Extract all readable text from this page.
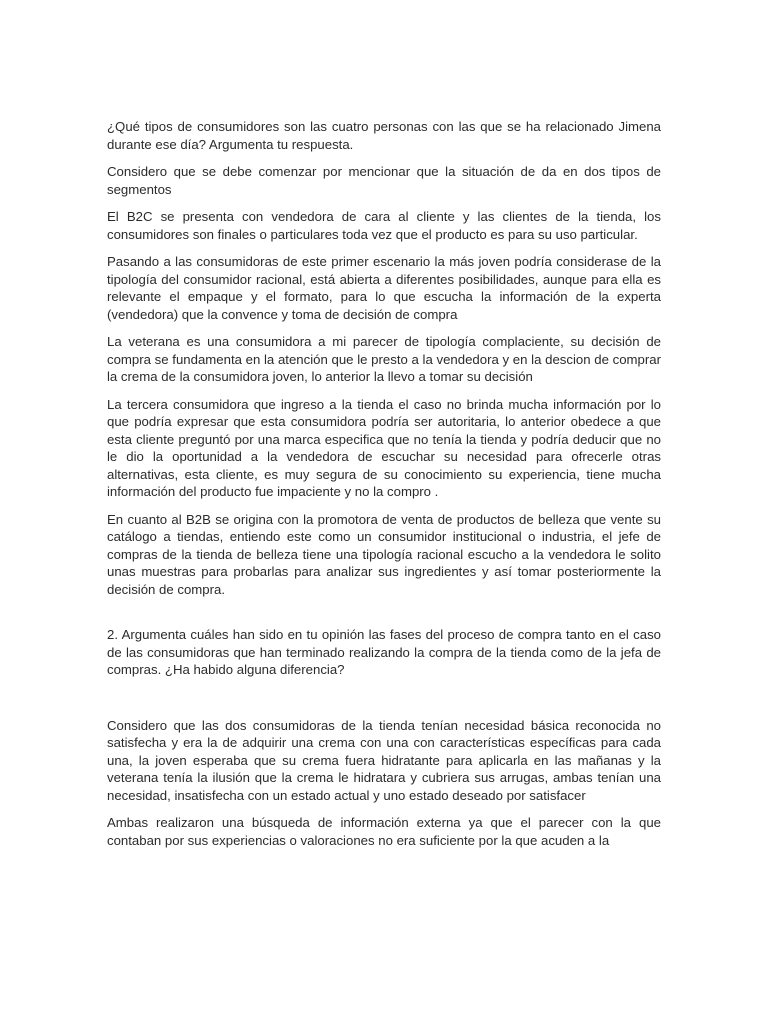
¿Qué tipos de consumidores son las cuatro personas con las que se ha relacionado Jimena durante ese día? Argumenta tu respuesta.

Considero que se debe comenzar por mencionar que la situación de da en dos tipos de segmentos

El B2C se presenta con vendedora de cara al cliente y las clientes de la tienda, los consumidores son finales o particulares toda vez que el producto es para su uso particular.

Pasando a las consumidoras de este primer escenario la más joven podría considerase de la tipología del consumidor racional, está abierta a diferentes posibilidades, aunque para ella es relevante el empaque y el formato, para lo que escucha la información de la experta (vendedora) que la convence y toma de decisión de compra

La veterana es una consumidora a mi parecer de tipología complaciente, su decisión de compra se fundamenta en la atención que le presto a la vendedora y en la descion de comprar la crema de la consumidora joven, lo anterior la llevo a tomar su decisión

La tercera consumidora que ingreso a la tienda el caso no brinda mucha información por lo que podría expresar que esta consumidora podría ser autoritaria, lo anterior obedece a que esta cliente preguntó por una marca especifica que no tenía la tienda y podría deducir que no le dio la oportunidad a la vendedora de escuchar su necesidad para ofrecerle otras alternativas, esta cliente, es muy segura de su conocimiento su experiencia, tiene mucha información del producto fue impaciente y no la compro .

En cuanto al B2B se origina con la promotora de venta de productos de belleza que vente su catálogo a tiendas, entiendo este como un consumidor institucional o industria, el jefe de compras de la tienda de belleza tiene una tipología racional escucho a la vendedora le solito unas muestras para probarlas para analizar sus ingredientes y así tomar posteriormente la decisión de compra.

2. Argumenta cuáles han sido en tu opinión las fases del proceso de compra tanto en el caso de las consumidoras que han terminado realizando la compra de la tienda como de la jefa de compras. ¿Ha habido alguna diferencia?

Considero que las dos consumidoras de la tienda tenían necesidad básica reconocida no satisfecha y era la de adquirir una crema con una con características específicas para cada una, la joven esperaba que su crema fuera hidratante para aplicarla en las mañanas y la veterana tenía la ilusión que la crema le hidratara y cubriera sus arrugas, ambas tenían una necesidad, insatisfecha con un estado actual y uno estado deseado por satisfacer

Ambas realizaron una búsqueda de información externa ya que el parecer con la que contaban por sus experiencias o valoraciones no era suficiente por la que acuden a la
